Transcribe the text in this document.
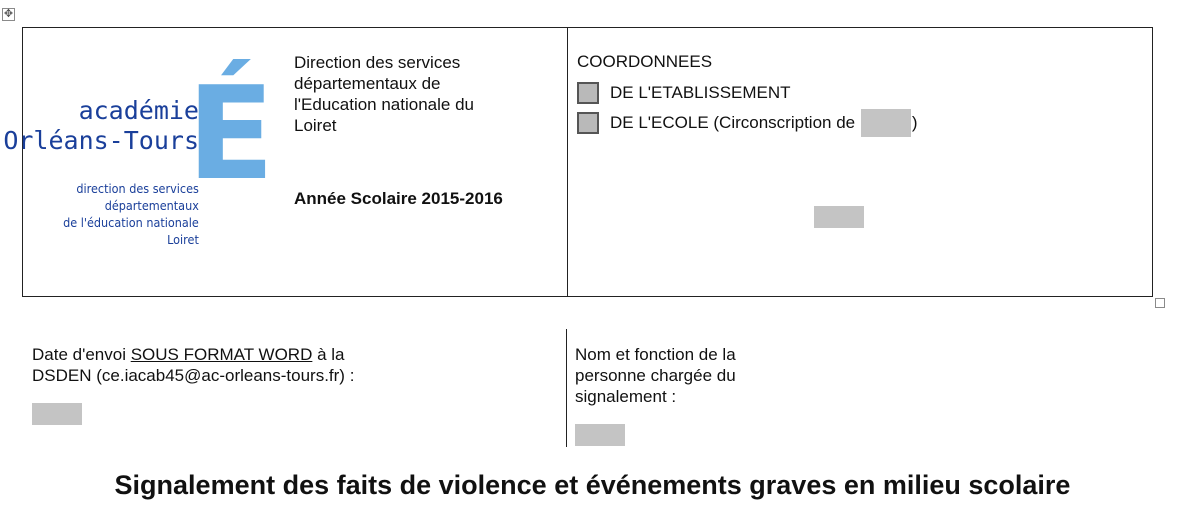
✥
É
académie
Orléans-Tours
direction des services
départementaux
de l'éducation nationale
Loiret
Direction des services
départementaux de
l'Education nationale du
Loiret
Année Scolaire 2015-2016
COORDONNEES
DE L'ETABLISSEMENT
DE L'ECOLE (Circonscription de
	)
Date d'envoi SOUS FORMAT WORD à la
DSDEN (ce.iacab45@ac-orleans-tours.fr) :
Nom et fonction de la
personne chargée du
signalement :
Signalement des faits de violence et événements graves en milieu scolaire
